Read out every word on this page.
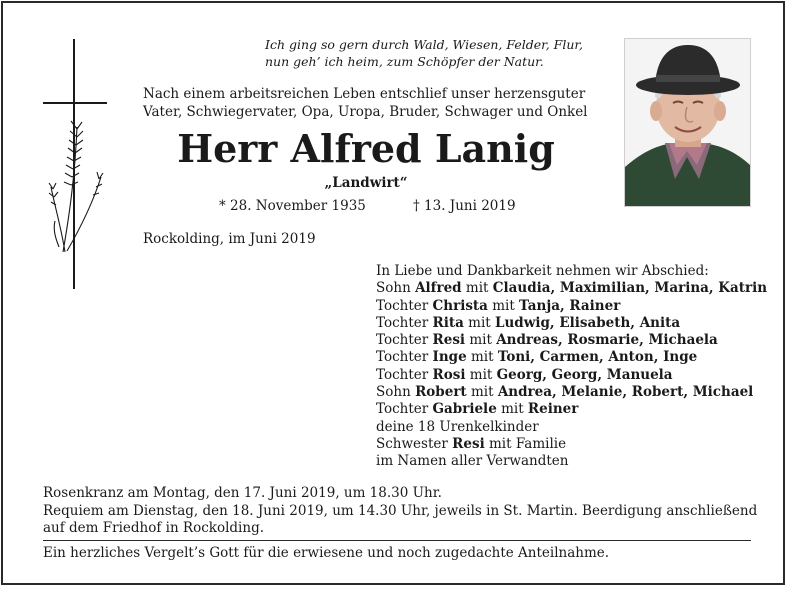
Ich ging so gern durch Wald, Wiesen, Felder, Flur,
nun geh’ ich heim, zum Schöpfer der Natur.
Nach einem arbeitsreichen Leben entschlief unser herzensguter
Vater, Schwiegervater, Opa, Uropa, Bruder, Schwager und Onkel
Herr Alfred Lanig
„Landwirt“
* 28. November 1935	† 13. Juni 2019
Rockolding, im Juni 2019
In Liebe und Dankbarkeit nehmen wir Abschied:
Sohn Alfred mit Claudia, Maximilian, Marina, Katrin
Tochter Christa mit Tanja, Rainer
Tochter Rita mit Ludwig, Elisabeth, Anita
Tochter Resi mit Andreas, Rosmarie, Michaela
Tochter Inge mit Toni, Carmen, Anton, Inge
Tochter Rosi mit Georg, Georg, Manuela
Sohn Robert mit Andrea, Melanie, Robert, Michael
Tochter Gabriele mit Reiner
deine 18 Urenkelkinder
Schwester Resi mit Familie
im Namen aller Verwandten
Rosenkranz am Montag, den 17. Juni 2019, um 18.30 Uhr.
Requiem am Dienstag, den 18. Juni 2019, um 14.30 Uhr, jeweils in St. Martin. Beerdigung anschließend auf dem Friedhof in Rockolding.
Ein herzliches Vergelt’s Gott für die erwiesene und noch zugedachte Anteilnahme.
